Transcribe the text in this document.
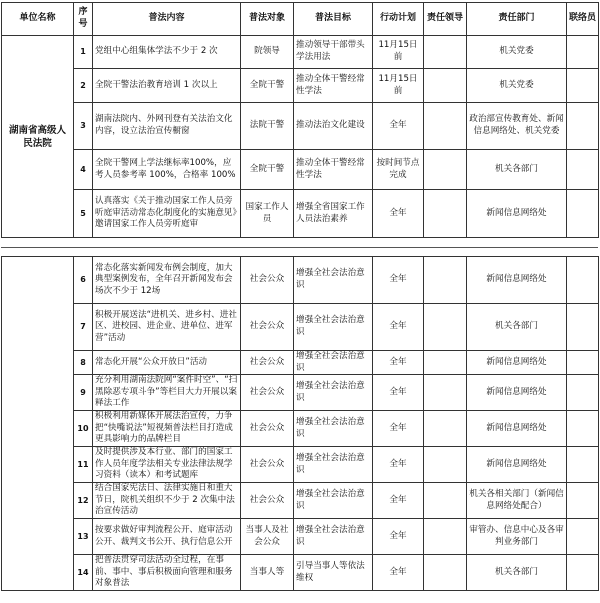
单位名称	序号	普法内容	普法对象	普法目标	行动计划	责任领导	责任部门	联络员
湖南省高级人民法院	1	党组中心组集体学法不少于 2 次	院领导	推动领导干部带头学法用法	11月15日前		机关党委	
	2	全院干警法治教育培训 1 次以上	全院干警	推动全体干警经常性学法	11月15日前		机关党委	
	3	湖南法院内、外网刊登有关法治文化内容，设立法治宣传橱窗	法院干警	推动法治文化建设	全年		政治部宣传教育处、新闻信息网络处、机关党委	
	4	全院干警网上学法继标率100%，应考人员参考率 100%，合格率 100%	全院干警	推动全体干警经常性学法	按时间节点完成		机关各部门	
	5	认真落实《关于推动国家工作人员旁听庭审活动常态化制度化的实施意见》邀请国家工作人员旁听庭审	国家工作人员	增强全省国家工作人员法治素养	全年		新闻信息网络处	
	6	常态化落实新闻发布例会制度，加大典型案例发布，全年召开新闻发布会场次不少于 12场	社会公众	增强全社会法治意识	全年		新闻信息网络处	
	7	积极开展送法“进机关、进乡村、进社区、进校园、进企业、进单位、进军营”活动	社会公众	增强全社会法治意识	全年		机关各部门	
	8	常态化开展“公众开放日”活动	社会公众	增强全社会法治意识	全年		新闻信息网络处	
	9	充分利用湖南法院网“案件时空”、“扫黑除恶专项斗争”等栏目大力开展以案释法工作	社会公众	增强全社会法治意识	全年		新闻信息网络处	
	10	积极利用新媒体开展法治宣传，力争把“快嘴说法”短视频普法栏目打造成更具影响力的品牌栏目	社会公众	增强全社会法治意识	全年		新闻信息网络处	
	11	及时提供涉及本行业、部门的国家工作人员年度学法相关专业法律法规学习资料（读本）和考试题库	社会公众	增强全社会法治意识	全年		新闻信息网络处	
	12	结合国家宪法日、法律实施日和重大节日，院机关组织不少于 2 次集中法治宣传活动	社会公众	增强全社会法治意识	全年		机关各相关部门（新闻信息网络处配合）	
	13	按要求做好审判流程公开、庭审活动公开、裁判文书公开、执行信息公开	当事人及社会公众	增强全社会法治意识	全年		审管办、信息中心及各审判业务部门	
	14	把普法贯穿司法活动全过程，在事前、事中、事后积极面向管理和服务对象普法	当事人等	引导当事人等依法维权	全年		机关各部门	
